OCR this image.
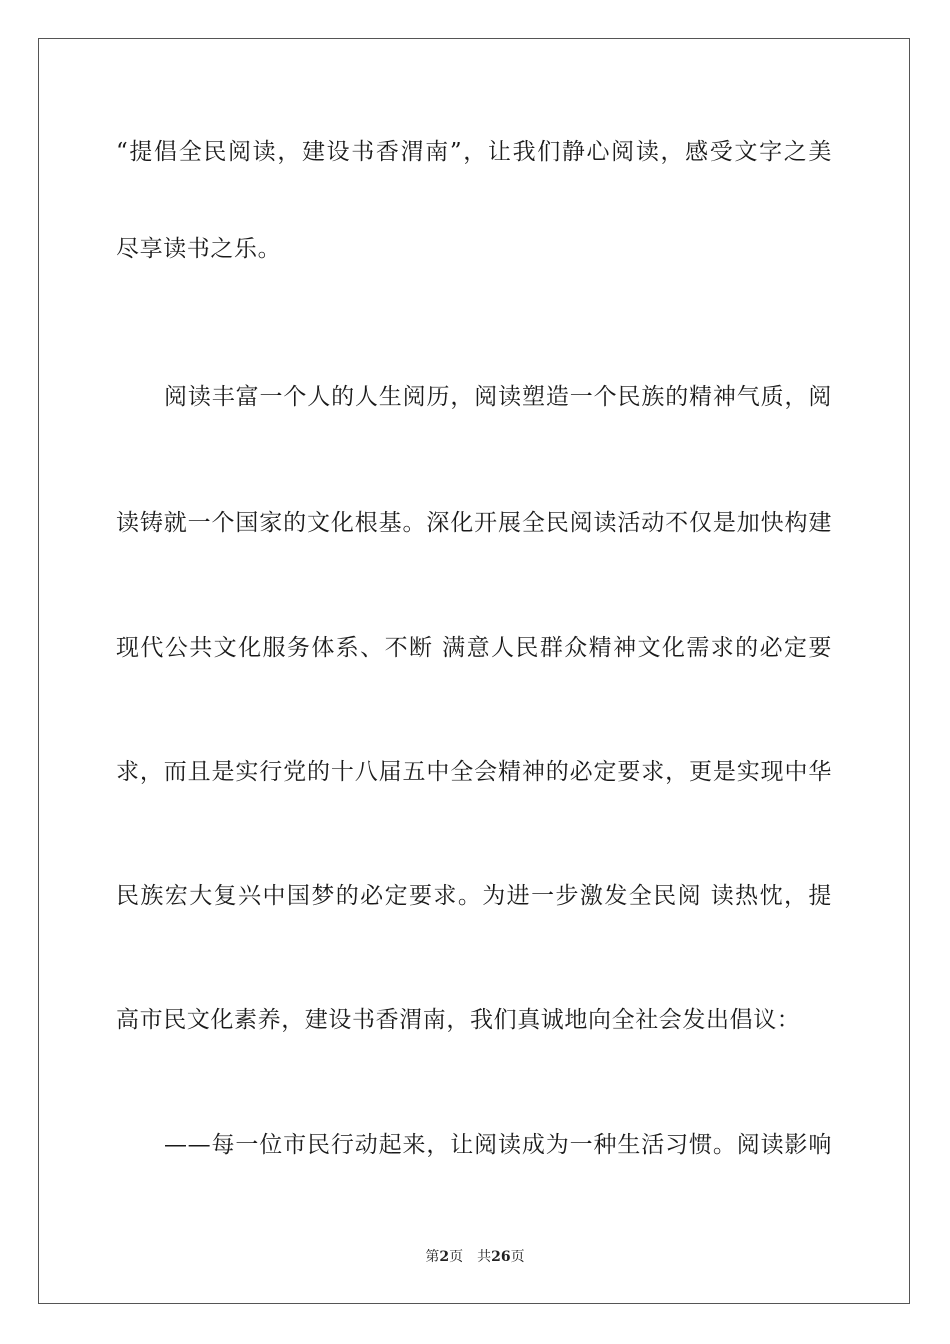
“提倡全民阅读，建设书香渭南”，让我们静心阅读，感受文字之美
尽享读书之乐。
阅读丰富一个人的人生阅历，阅读塑造一个民族的精神气质，阅
读铸就一个国家的文化根基。深化开展全民阅读活动不仅是加快构建
现代公共文化服务体系、不断 满意人民群众精神文化需求的必定要
求，而且是实行党的十八届五中全会精神的必定要求，更是实现中华
民族宏大复兴中国梦的必定要求。为进一步激发全民阅 读热忱，提
高市民文化素养，建设书香渭南，我们真诚地向全社会发出倡议：
——每一位市民行动起来，让阅读成为一种生活习惯。阅读影响
第2页 共26页
